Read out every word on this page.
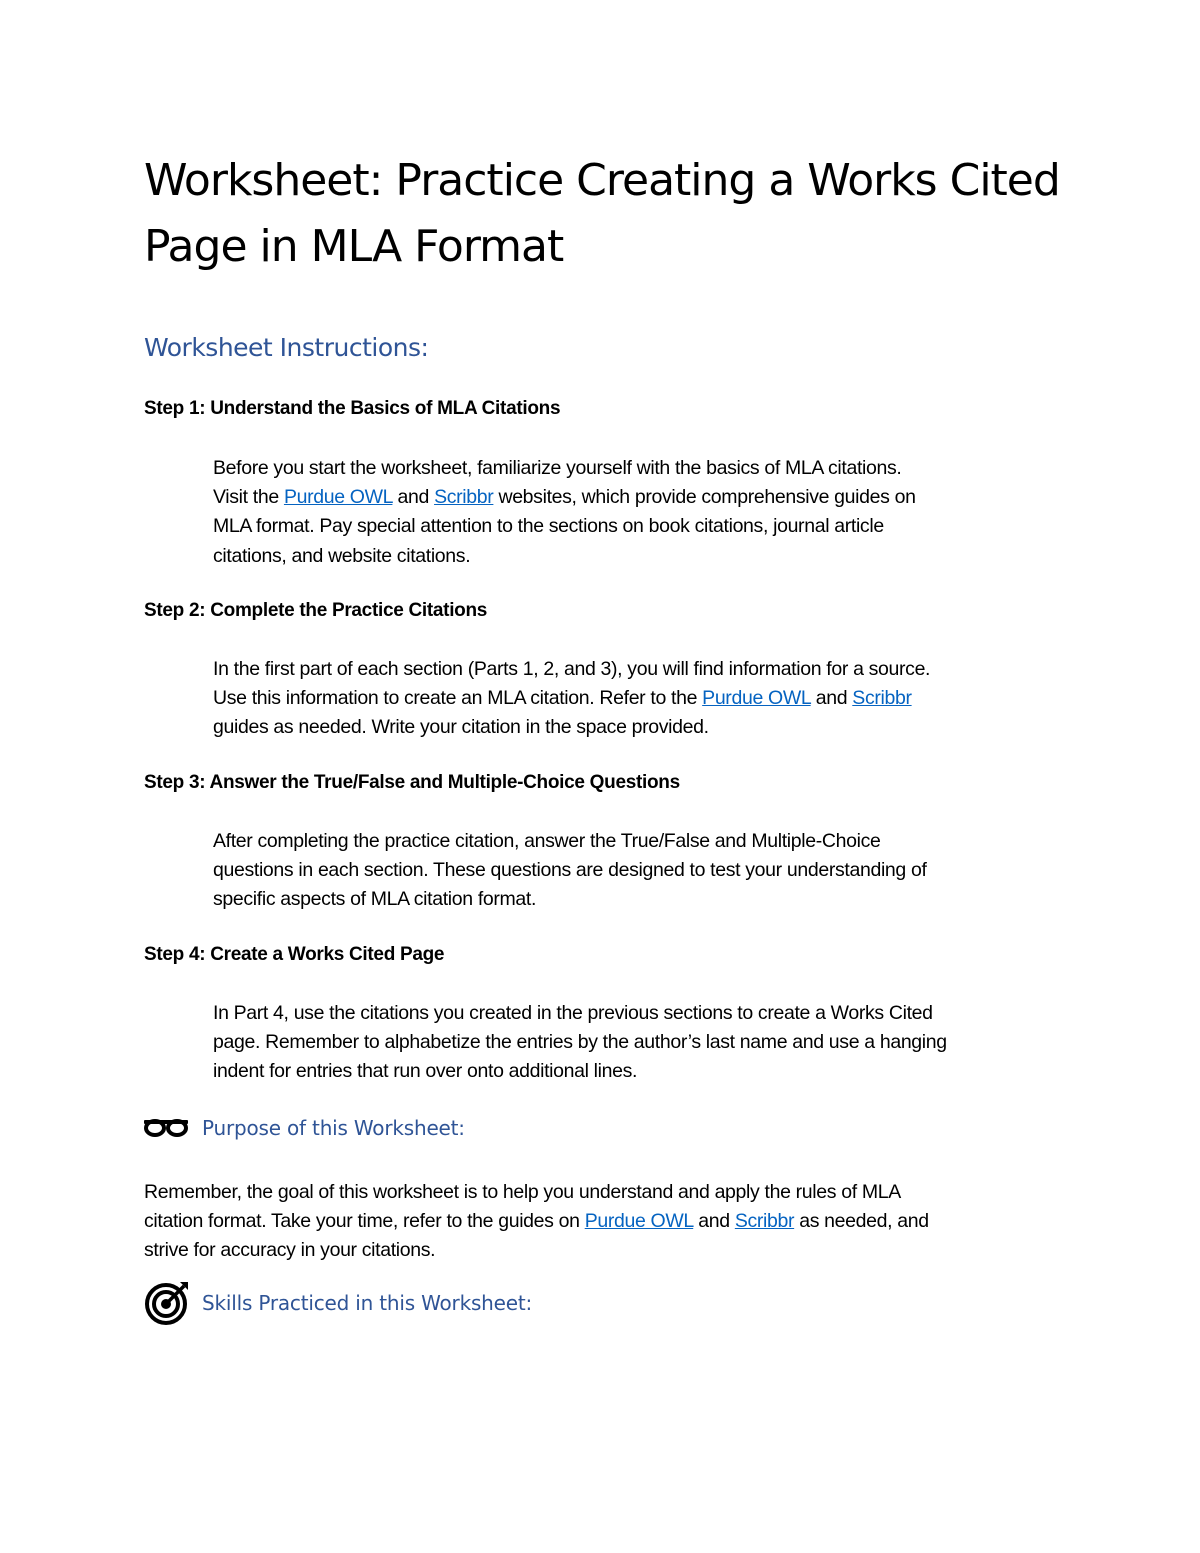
Worksheet: Practice Creating a Works Cited
Page in MLA Format
Worksheet Instructions:
Step 1: Understand the Basics of MLA Citations

Before you start the worksheet, familiarize yourself with the basics of MLA citations.
Visit the Purdue OWL and Scribbr websites, which provide comprehensive guides on
MLA format. Pay special attention to the sections on book citations, journal article
citations, and website citations.

Step 2: Complete the Practice Citations

In the first part of each section (Parts 1, 2, and 3), you will find information for a source.
Use this information to create an MLA citation. Refer to the Purdue OWL and Scribbr
guides as needed. Write your citation in the space provided.

Step 3: Answer the True/False and Multiple-Choice Questions

After completing the practice citation, answer the True/False and Multiple-Choice
questions in each section. These questions are designed to test your understanding of
specific aspects of MLA citation format.

Step 4: Create a Works Cited Page

In Part 4, use the citations you created in the previous sections to create a Works Cited
page. Remember to alphabetize the entries by the author’s last name and use a hanging
indent for entries that run over onto additional lines.

Purpose of this Worksheet:

Remember, the goal of this worksheet is to help you understand and apply the rules of MLA
citation format. Take your time, refer to the guides on Purdue OWL and Scribbr as needed, and
strive for accuracy in your citations.

Skills Practiced in this Worksheet:
